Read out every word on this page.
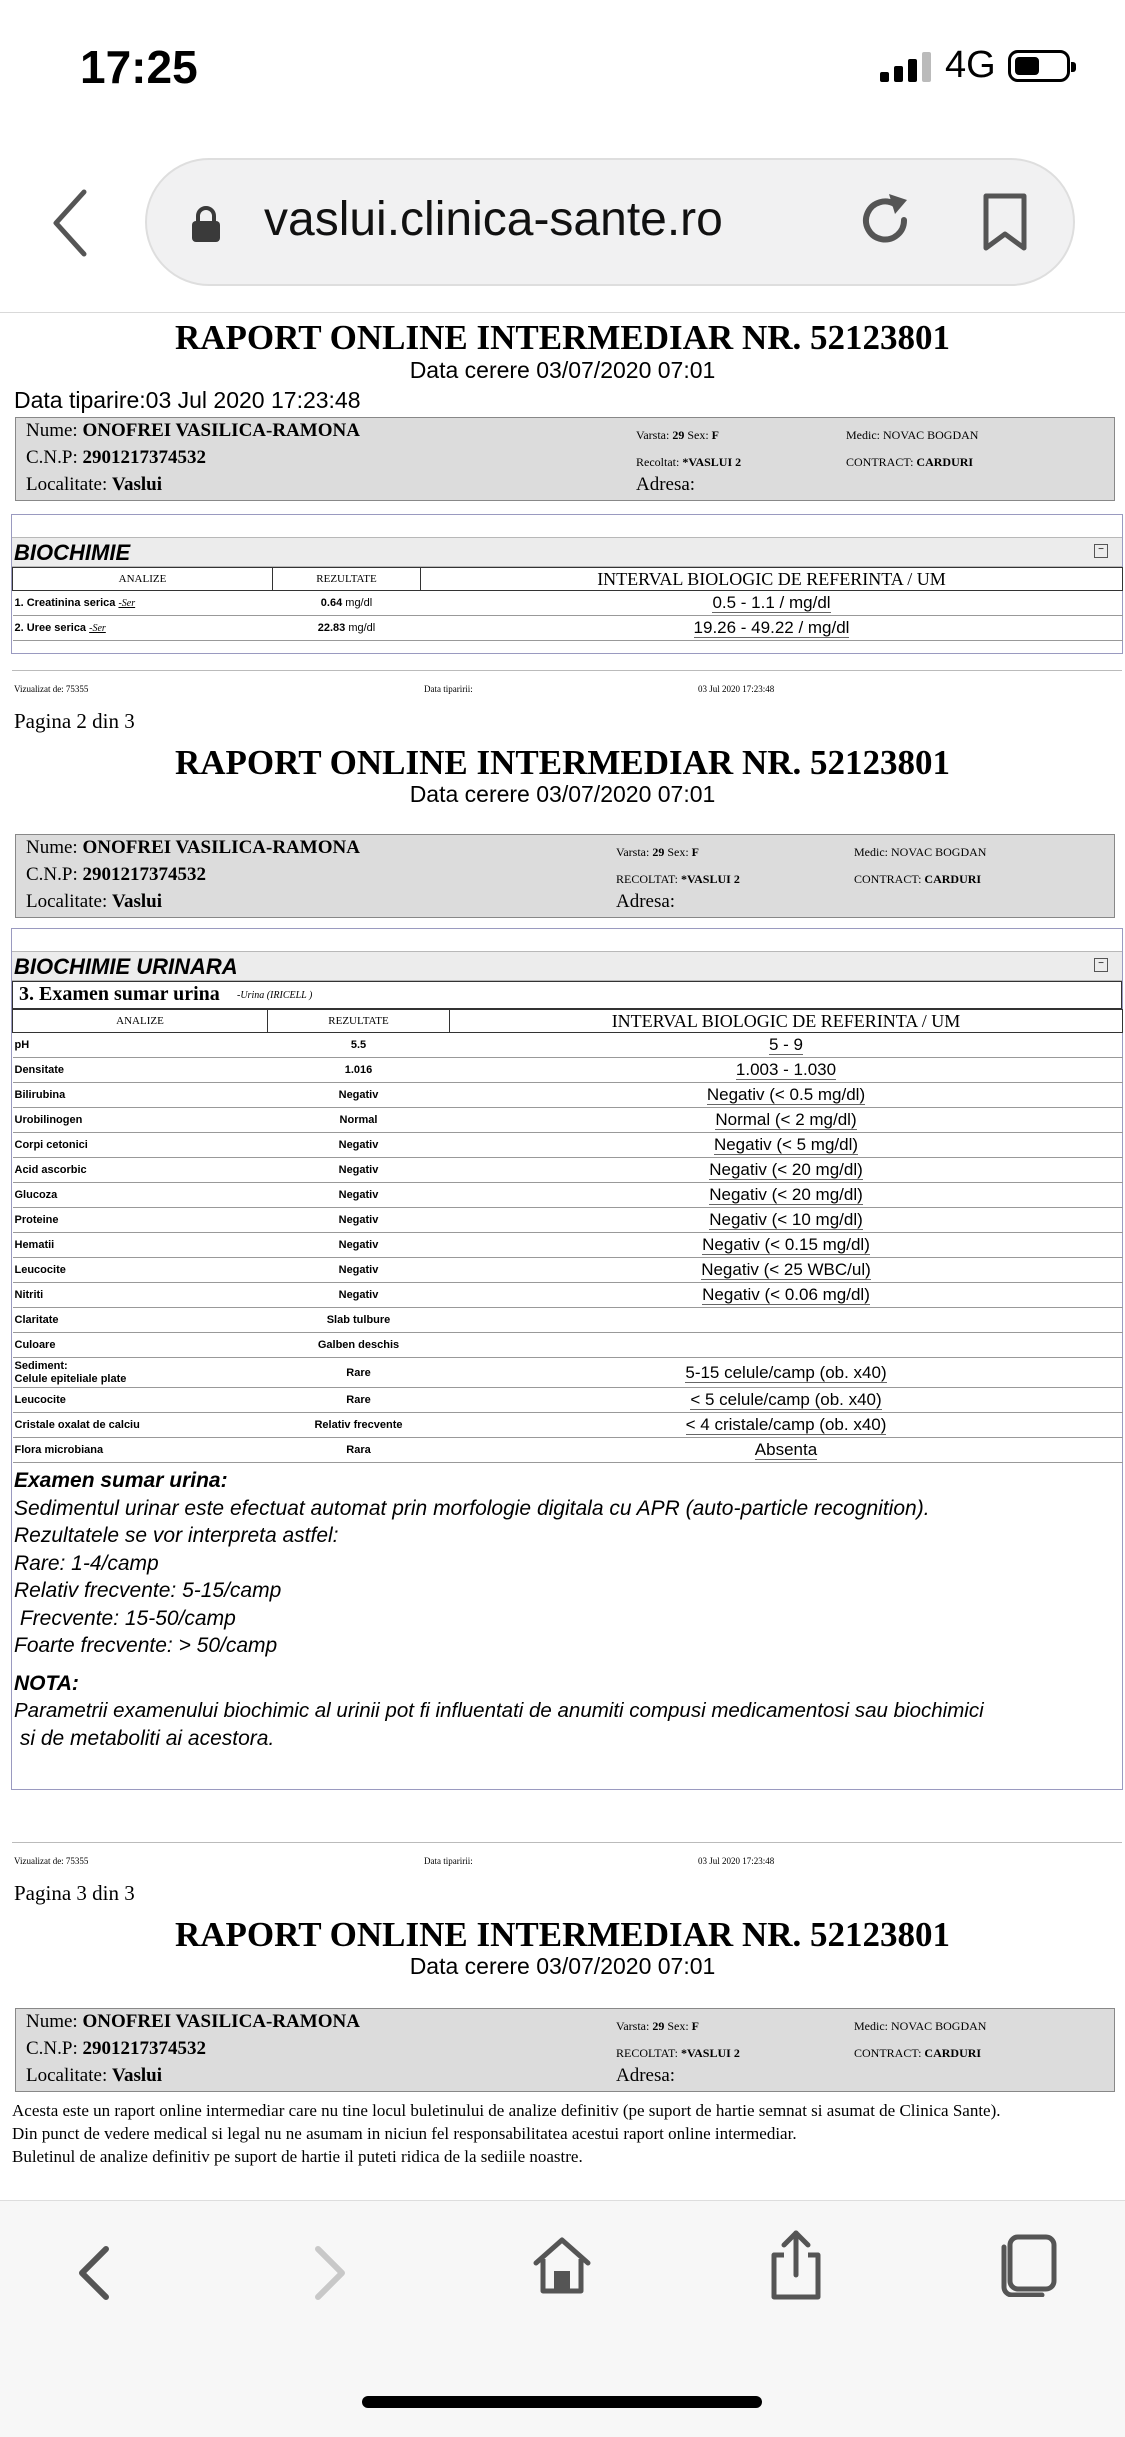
17:25	4G
vaslui.clinica-sante.ro
RAPORT ONLINE INTERMEDIAR NR. 52123801
Data cerere 03/07/2020 07:01
Data tiparire:03 Jul 2020 17:23:48
Nume: ONOFREI VASILICA-RAMONA
C.N.P: 2901217374532
Localitate: Vaslui
Varsta: 29 Sex: F
Recoltat: *VASLUI 2
Adresa:
Medic: NOVAC BOGDAN
CONTRACT: CARDURI
BIOCHIMIE	−
ANALIZE	REZULTATE	INTERVAL BIOLOGIC DE REFERINTA / UM
1. Creatinina serica -Ser	0.64 mg/dl	0.5 - 1.1 / mg/dl
2. Uree serica -Ser	22.83 mg/dl	19.26 - 49.22 / mg/dl
Vizualizat de: 75355	Data tiparirii:	03 Jul 2020 17:23:48
Pagina 2 din 3
RAPORT ONLINE INTERMEDIAR NR. 52123801
Data cerere 03/07/2020 07:01
Nume: ONOFREI VASILICA-RAMONA
C.N.P: 2901217374532
Localitate: Vaslui
Varsta: 29 Sex: F
RECOLTAT: *VASLUI 2
Adresa:
Medic: NOVAC BOGDAN
CONTRACT: CARDURI
BIOCHIMIE URINARA	−
3. Examen sumar urina -Urina (IRICELL )
ANALIZE	REZULTATE	INTERVAL BIOLOGIC DE REFERINTA / UM
pH	5.5	5 - 9
Densitate	1.016	1.003 - 1.030
Bilirubina	Negativ	Negativ (< 0.5 mg/dl)
Urobilinogen	Normal	Normal (< 2 mg/dl)
Corpi cetonici	Negativ	Negativ (< 5 mg/dl)
Acid ascorbic	Negativ	Negativ (< 20 mg/dl)
Glucoza	Negativ	Negativ (< 20 mg/dl)
Proteine	Negativ	Negativ (< 10 mg/dl)
Hematii	Negativ	Negativ (< 0.15 mg/dl)
Leucocite	Negativ	Negativ (< 25 WBC/ul)
Nitriti	Negativ	Negativ (< 0.06 mg/dl)
Claritate	Slab tulbure	
Culoare	Galben deschis	
Sediment:
Celule epiteliale plate	Rare	5-15 celule/camp (ob. x40)
Leucocite	Rare	< 5 celule/camp (ob. x40)
Cristale oxalat de calciu	Relativ frecvente	< 4 cristale/camp (ob. x40)
Flora microbiana	Rara	Absenta
Examen sumar urina:
Sedimentul urinar este efectuat automat prin morfologie digitala cu APR (auto-particle recognition).
Rezultatele se vor interpreta astfel:
Rare: 1-4/camp
Relativ frecvente: 5-15/camp
Frecvente: 15-50/camp
Foarte frecvente: > 50/camp
NOTA:
Parametrii examenului biochimic al urinii pot fi influentati de anumiti compusi medicamentosi sau biochimici
si de metaboliti ai acestora.
Vizualizat de: 75355	Data tiparirii:	03 Jul 2020 17:23:48
Pagina 3 din 3
RAPORT ONLINE INTERMEDIAR NR. 52123801
Data cerere 03/07/2020 07:01
Nume: ONOFREI VASILICA-RAMONA
C.N.P: 2901217374532
Localitate: Vaslui
Varsta: 29 Sex: F
RECOLTAT: *VASLUI 2
Adresa:
Medic: NOVAC BOGDAN
CONTRACT: CARDURI
Acesta este un raport online intermediar care nu tine locul buletinului de analize definitiv (pe suport de hartie semnat si asumat de Clinica Sante).
Din punct de vedere medical si legal nu ne asumam in niciun fel responsabilitatea acestui raport online intermediar.
Buletinul de analize definitiv pe suport de hartie il puteti ridica de la sediile noastre.
